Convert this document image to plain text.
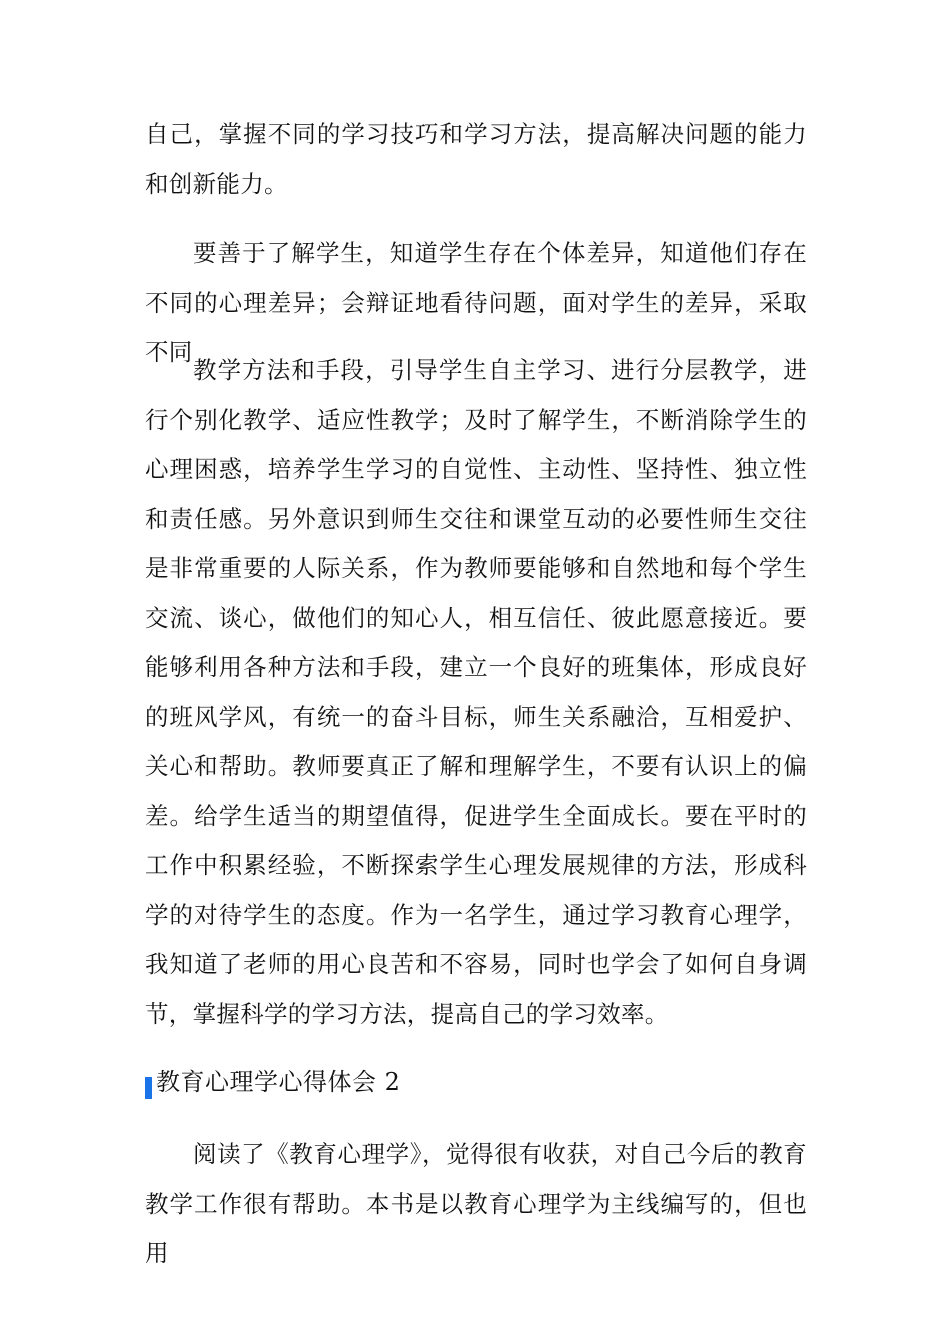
自己，掌握不同的学习技巧和学习方法，提高解决问题的能力和创新能力。

要善于了解学生，知道学生存在个体差异，知道他们存在不同的心理差异；会辩证地看待问题，面对学生的差异，采取不同

教学方法和手段，引导学生自主学习、进行分层教学，进行个别化教学、适应性教学；及时了解学生，不断消除学生的心理困惑，培养学生学习的自觉性、主动性、坚持性、独立性和责任感。另外意识到师生交往和课堂互动的必要性师生交往是非常重要的人际关系，作为教师要能够和自然地和每个学生交流、谈心，做他们的知心人，相互信任、彼此愿意接近。要能够利用各种方法和手段，建立一个良好的班集体，形成良好的班风学风，有统一的奋斗目标，师生关系融洽，互相爱护、关心和帮助。教师要真正了解和理解学生，不要有认识上的偏差。给学生适当的期望值得，促进学生全面成长。要在平时的工作中积累经验，不断探索学生心理发展规律的方法，形成科学的对待学生的态度。作为一名学生，通过学习教育心理学，我知道了老师的用心良苦和不容易，同时也学会了如何自身调节，掌握科学的学习方法，提高自己的学习效率。

教育心理学心得体会 2

阅读了《教育心理学》，觉得很有收获，对自己今后的教育教学工作很有帮助。本书是以教育心理学为主线编写的，但也用
